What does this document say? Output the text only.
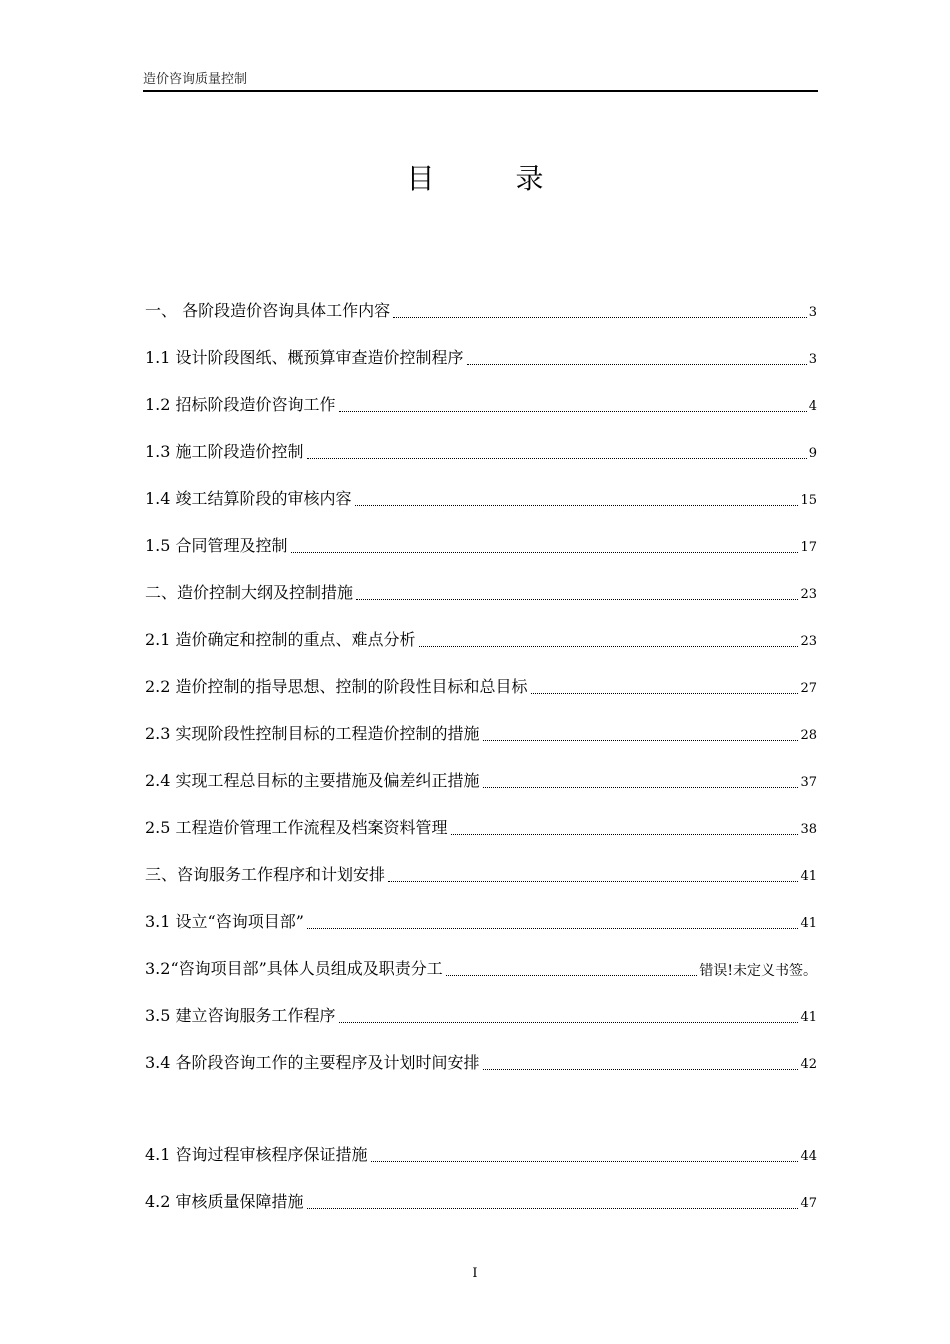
造价咨询质量控制
目 录
一、 各阶段造价咨询具体工作内容	3
1.1 设计阶段图纸、概预算审查造价控制程序	3
1.2 招标阶段造价咨询工作	4
1.3 施工阶段造价控制	9
1.4 竣工结算阶段的审核内容	15
1.5 合同管理及控制	17
二、造价控制大纲及控制措施	23
2.1 造价确定和控制的重点、难点分析	23
2.2 造价控制的指导思想、控制的阶段性目标和总目标	27
2.3 实现阶段性控制目标的工程造价控制的措施	28
2.4 实现工程总目标的主要措施及偏差纠正措施	37
2.5 工程造价管理工作流程及档案资料管理	38
三、咨询服务工作程序和计划安排	41
3.1 设立“咨询项目部”	41
3.2“咨询项目部”具体人员组成及职责分工	错误!未定义书签。
3.5 建立咨询服务工作程序	41
3.4 各阶段咨询工作的主要程序及计划时间安排	42
4.1 咨询过程审核程序保证措施	44
4.2 审核质量保障措施	47
I
